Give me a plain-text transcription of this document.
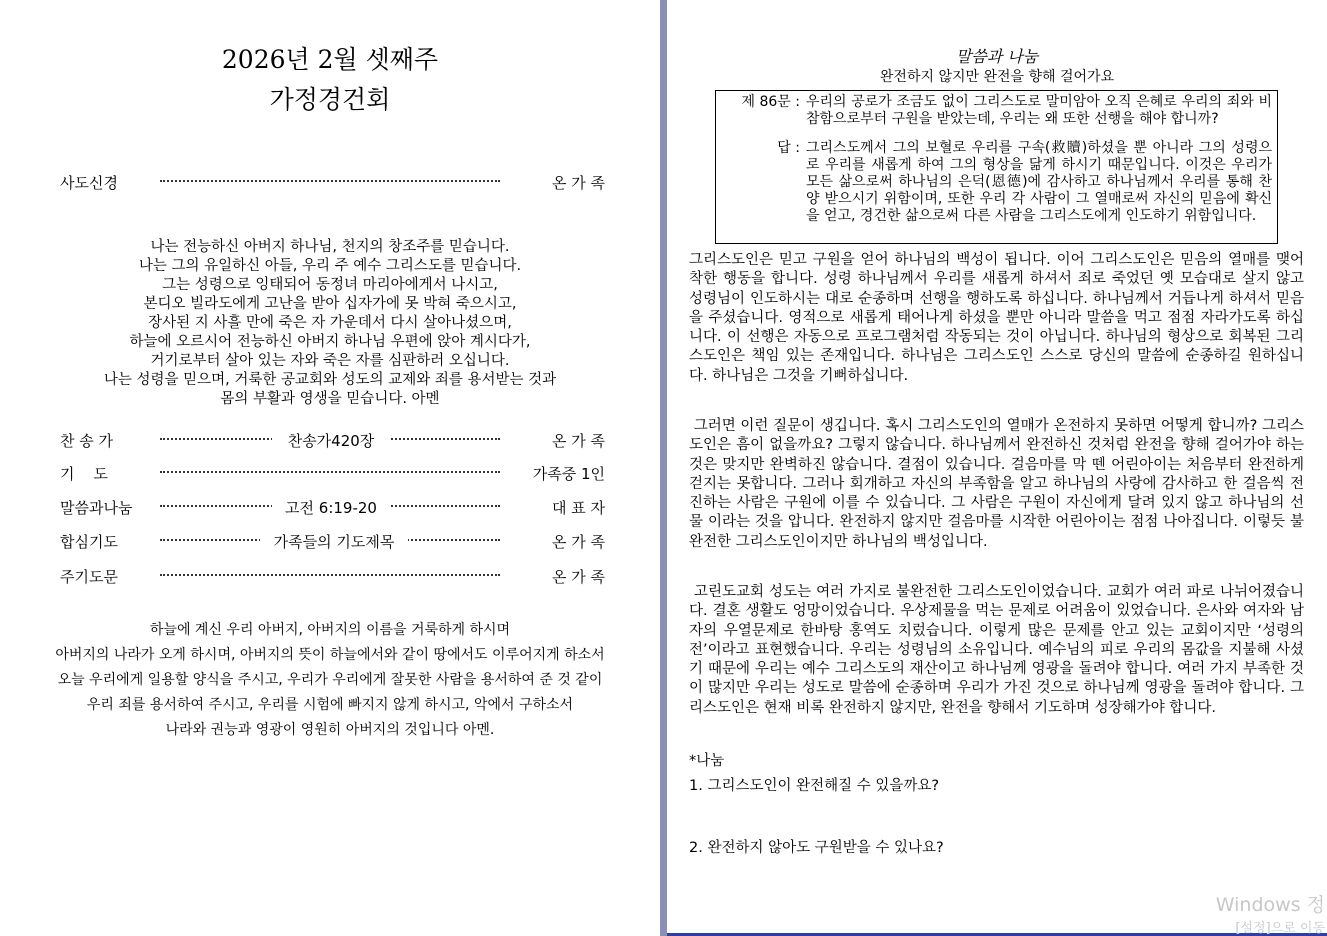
2026년 2월 셋째주
가정경건회
사도신경	온 가 족
나는 전능하신 아버지 하나님, 천지의 창조주를 믿습니다.
나는 그의 유일하신 아들, 우리 주 예수 그리스도를 믿습니다.
그는 성령으로 잉태되어 동정녀 마리아에게서 나시고,
본디오 빌라도에게 고난을 받아 십자가에 못 박혀 죽으시고,
장사된 지 사흘 만에 죽은 자 가운데서 다시 살아나셨으며,
하늘에 오르시어 전능하신 아버지 하나님 우편에 앉아 계시다가,
거기로부터 살아 있는 자와 죽은 자를 심판하러 오십니다.
나는 성령을 믿으며, 거룩한 공교회와 성도의 교제와 죄를 용서받는 것과
몸의 부활과 영생을 믿습니다. 아멘
찬 송 가	찬송가420장	온 가 족
기    도	가족중 1인
말씀과나눔	고전 6:19-20	대 표 자
합심기도	가족들의 기도제목	온 가 족
주기도문	온 가 족
하늘에 계신 우리 아버지, 아버지의 이름을 거룩하게 하시며
아버지의 나라가 오게 하시며, 아버지의 뜻이 하늘에서와 같이 땅에서도 이루어지게 하소서
오늘 우리에게 일용할 양식을 주시고, 우리가 우리에게 잘못한 사람을 용서하여 준 것 같이
우리 죄를 용서하여 주시고, 우리를 시험에 빠지지 않게 하시고, 악에서 구하소서
나라와 권능과 영광이 영원히 아버지의 것입니다 아멘.
말씀과 나눔
완전하지 않지만 완전을 향해 걸어가요
제 86문 : 우리의 공로가 조금도 없이 그리스도로 말미암아 오직 은혜로 우리의 죄와 비참함으로부터 구원을 받았는데, 우리는 왜 또한 선행을 해야 합니까?
답 : 그리스도께서 그의 보혈로 우리를 구속(救贖)하셨을 뿐 아니라 그의 성령으로 우리를 새롭게 하여 그의 형상을 닮게 하시기 때문입니다. 이것은 우리가 모든 삶으로써 하나님의 은덕(恩德)에 감사하고 하나님께서 우리를 통해 찬양 받으시기 위함이며, 또한 우리 각 사람이 그 열매로써 자신의 믿음에 확신을 얻고, 경건한 삶으로써 다른 사람을 그리스도에게 인도하기 위함입니다.
그리스도인은 믿고 구원을 얻어 하나님의 백성이 됩니다. 이어 그리스도인은 믿음의 열매를 맺어 착한 행동을 합니다. 성령 하나님께서 우리를 새롭게 하셔서 죄로 죽었던 옛 모습대로 살지 않고 성령님이 인도하시는 대로 순종하며 선행을 행하도록 하십니다. 하나님께서 거듭나게 하셔서 믿음을 주셨습니다. 영적으로 새롭게 태어나게 하셨을 뿐만 아니라 말씀을 먹고 점점 자라가도록 하십니다. 이 선행은 자동으로 프로그램처럼 작동되는 것이 아닙니다. 하나님의 형상으로 회복된 그리스도인은 책임 있는 존재입니다. 하나님은 그리스도인 스스로 당신의 말씀에 순종하길 원하십니다. 하나님은 그것을 기뻐하십니다.
그러면 이런 질문이 생깁니다. 혹시 그리스도인의 열매가 온전하지 못하면 어떻게 합니까? 그리스도인은 흠이 없을까요? 그렇지 않습니다. 하나님께서 완전하신 것처럼 완전을 향해 걸어가야 하는 것은 맞지만 완벽하진 않습니다. 결점이 있습니다. 걸음마를 막 뗀 어린아이는 처음부터 완전하게 걷지는 못합니다. 그러나 회개하고 자신의 부족함을 알고 하나님의 사랑에 감사하고 한 걸음씩 전진하는 사람은 구원에 이를 수 있습니다. 그 사람은 구원이 자신에게 달려 있지 않고 하나님의 선물 이라는 것을 압니다. 완전하지 않지만 걸음마를 시작한 어린아이는 점점 나아집니다. 이렇듯 불완전한 그리스도인이지만 하나님의 백성입니다.
고린도교회 성도는 여러 가지로 불완전한 그리스도인이었습니다. 교회가 여러 파로 나뉘어졌습니다. 결혼 생활도 엉망이었습니다. 우상제물을 먹는 문제로 어려움이 있었습니다. 은사와 여자와 남자의 우열문제로 한바탕 홍역도 치렀습니다. 이렇게 많은 문제를 안고 있는 교회이지만 ‘성령의 전’이라고 표현했습니다. 우리는 성령님의 소유입니다. 예수님의 피로 우리의 몸값을 지불해 사셨기 때문에 우리는 예수 그리스도의 재산이고 하나님께 영광을 돌려야 합니다. 여러 가지 부족한 것이 많지만 우리는 성도로 말씀에 순종하며 우리가 가진 것으로 하나님께 영광을 돌려야 합니다. 그리스도인은 현재 비록 완전하지 않지만, 완전을 향해서 기도하며 성장해가야 합니다.
*나눔
1. 그리스도인이 완전해질 수 있을까요?
2. 완전하지 않아도 구원받을 수 있나요?
Windows 정
[설정]으로 이동
